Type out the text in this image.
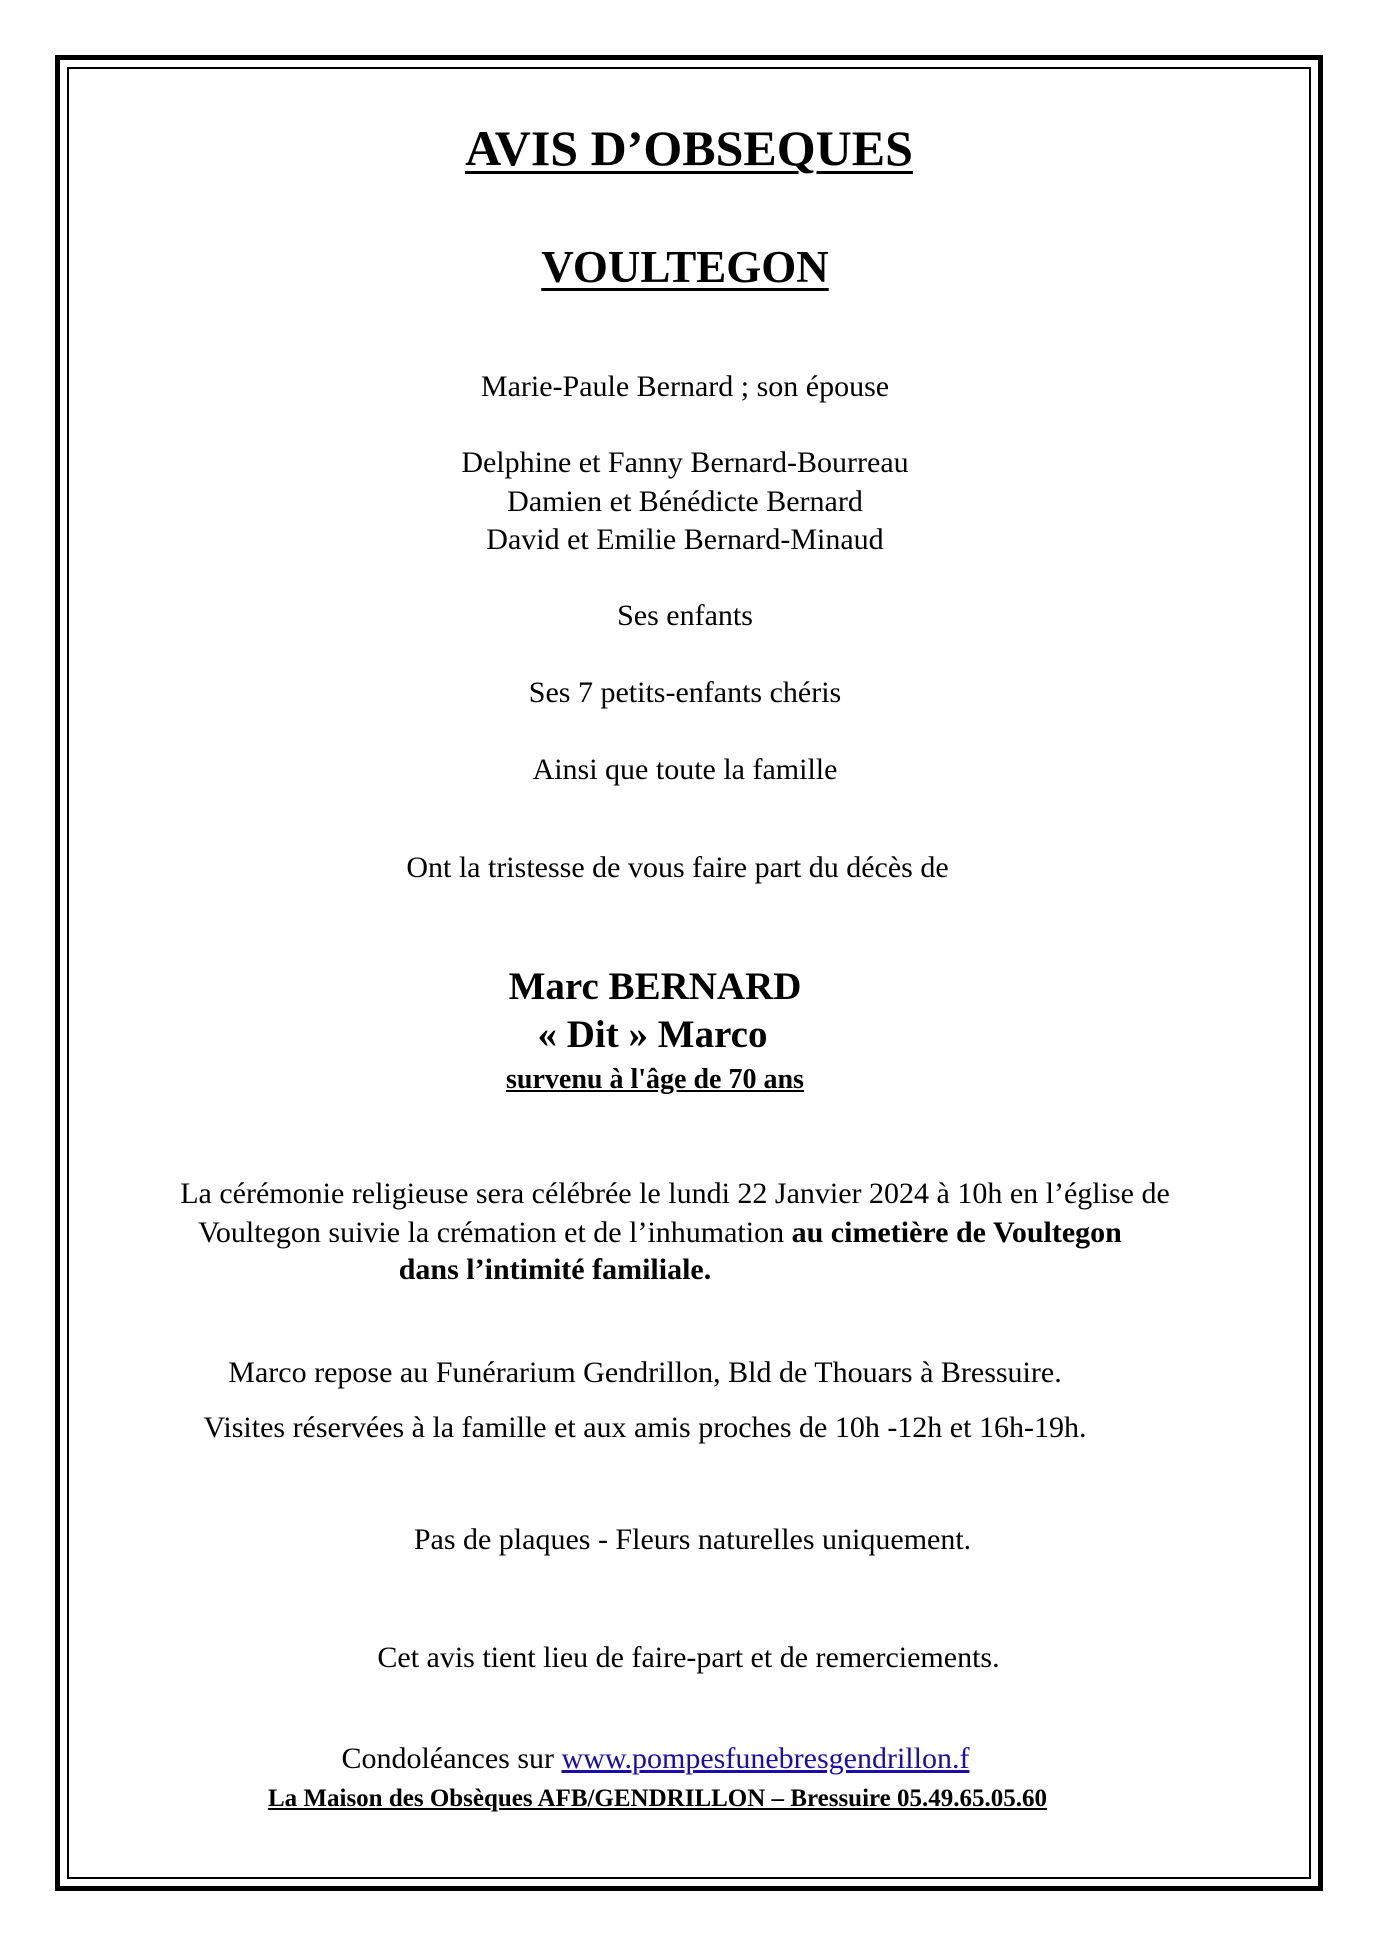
AVIS D’OBSEQUES
VOULTEGON
Marie-Paule Bernard ; son épouse
Delphine et Fanny Bernard-Bourreau
Damien et Bénédicte Bernard
David et Emilie Bernard-Minaud
Ses enfants
Ses 7 petits-enfants chéris
Ainsi que toute la famille
Ont la tristesse de vous faire part du décès de
Marc BERNARD
« Dit » Marco
survenu à l'âge de 70 ans
La cérémonie religieuse sera célébrée le lundi 22 Janvier 2024 à 10h en l’église de
Voultegon suivie la crémation et de l’inhumation au cimetière de Voultegon
dans l’intimité familiale.
Marco repose au Funérarium Gendrillon, Bld de Thouars à Bressuire.
Visites réservées à la famille et aux amis proches de 10h -12h et 16h-19h.
Pas de plaques - Fleurs naturelles uniquement.
Cet avis tient lieu de faire-part et de remerciements.
Condoléances sur www.pompesfunebresgendrillon.f
La Maison des Obsèques AFB/GENDRILLON – Bressuire 05.49.65.05.60
